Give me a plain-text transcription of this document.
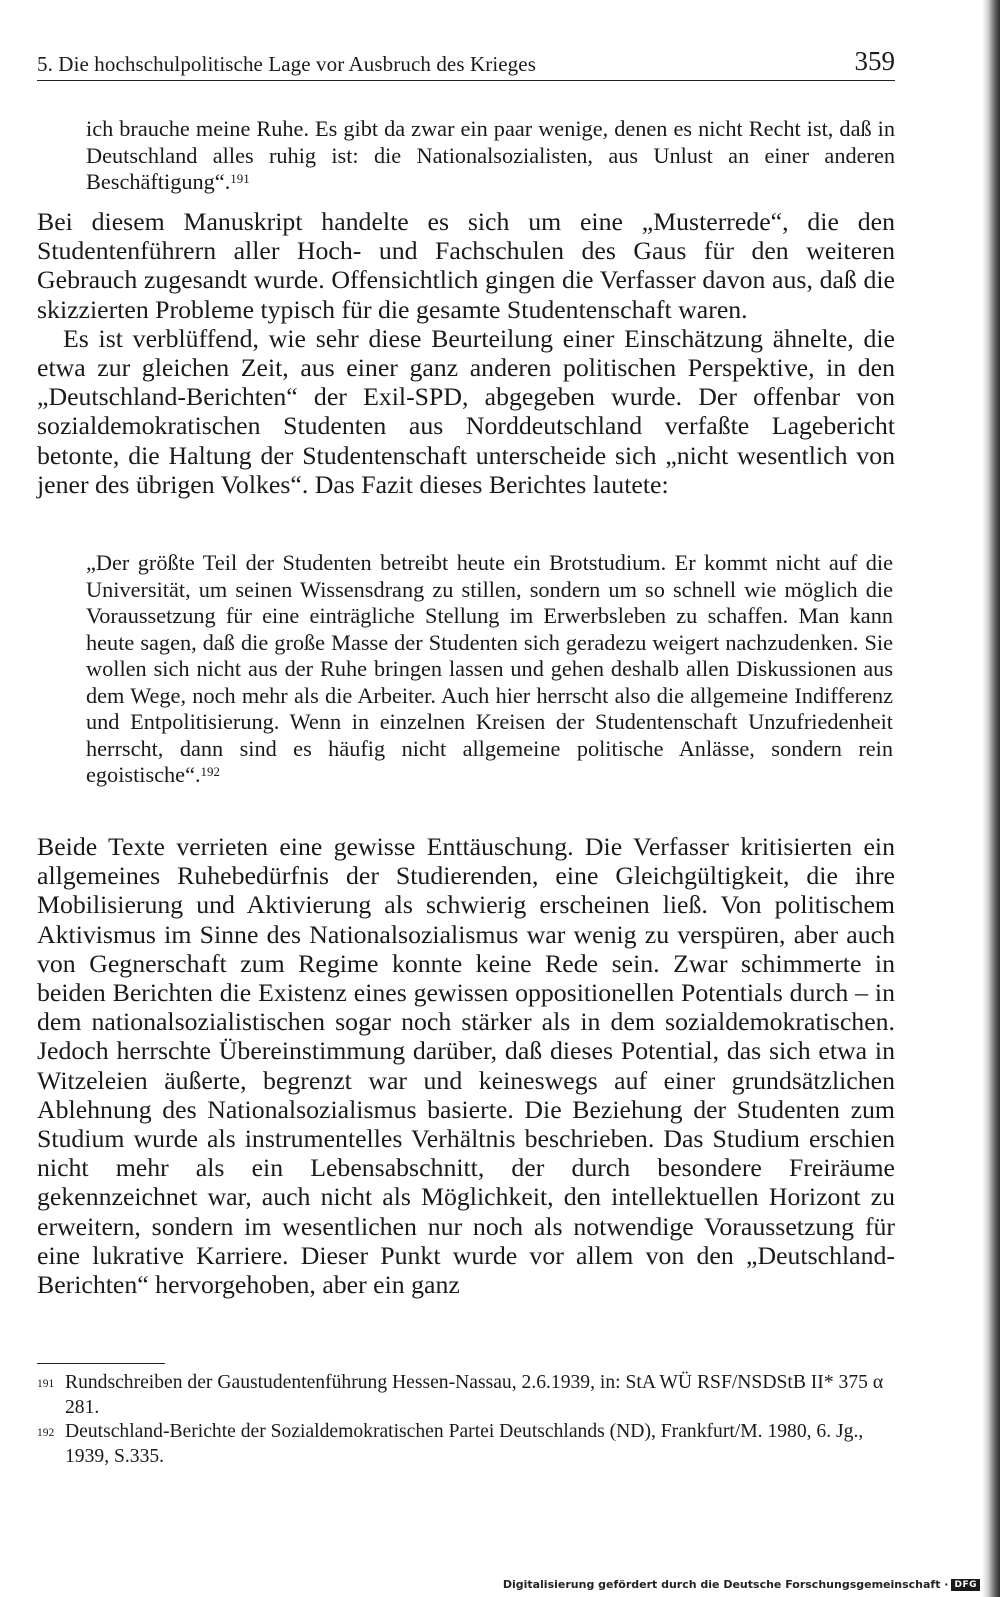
5. Die hochschulpolitische Lage vor Ausbruch des Krieges	359

ich brauche meine Ruhe. Es gibt da zwar ein paar wenige, denen es nicht Recht ist, daß in Deutschland alles ruhig ist: die Nationalsozialisten, aus Unlust an einer anderen Beschäftigung“.$^{191}$

Bei diesem Manuskript handelte es sich um eine „Musterrede“, die den Studentenführern aller Hoch- und Fachschulen des Gaus für den weiteren Gebrauch zugesandt wurde. Offensichtlich gingen die Verfasser davon aus, daß die skizzierten Probleme typisch für die gesamte Studentenschaft waren.

Es ist verblüffend, wie sehr diese Beurteilung einer Einschätzung ähnelte, die etwa zur gleichen Zeit, aus einer ganz anderen politischen Perspektive, in den „Deutschland-Berichten“ der Exil-SPD, abgegeben wurde. Der offenbar von sozialdemokratischen Studenten aus Norddeutschland verfaßte Lagebericht betonte, die Haltung der Studentenschaft unterscheide sich „nicht wesentlich von jener des übrigen Volkes“. Das Fazit dieses Berichtes lautete:

„Der größte Teil der Studenten betreibt heute ein Brotstudium. Er kommt nicht auf die Universität, um seinen Wissensdrang zu stillen, sondern um so schnell wie möglich die Voraussetzung für eine einträgliche Stellung im Erwerbsleben zu schaffen. Man kann heute sagen, daß die große Masse der Studenten sich geradezu weigert nachzudenken. Sie wollen sich nicht aus der Ruhe bringen lassen und gehen deshalb allen Diskussionen aus dem Wege, noch mehr als die Arbeiter. Auch hier herrscht also die allgemeine Indifferenz und Entpolitisierung. Wenn in einzelnen Kreisen der Studentenschaft Unzufriedenheit herrscht, dann sind es häufig nicht allgemeine politische Anlässe, sondern rein egoistische“.$^{192}$

Beide Texte verrieten eine gewisse Enttäuschung. Die Verfasser kritisierten ein allgemeines Ruhebedürfnis der Studierenden, eine Gleichgültigkeit, die ihre Mobilisierung und Aktivierung als schwierig erscheinen ließ. Von politischem Aktivismus im Sinne des Nationalsozialismus war wenig zu verspüren, aber auch von Gegnerschaft zum Regime konnte keine Rede sein. Zwar schimmerte in beiden Berichten die Existenz eines gewissen oppositionellen Potentials durch – in dem nationalsozialistischen sogar noch stärker als in dem sozialdemokratischen. Jedoch herrschte Übereinstimmung darüber, daß dieses Potential, das sich etwa in Witzeleien äußerte, begrenzt war und keineswegs auf einer grundsätzlichen Ablehnung des Nationalsozialismus basierte. Die Beziehung der Studenten zum Studium wurde als instrumentelles Verhältnis beschrieben. Das Studium erschien nicht mehr als ein Lebensabschnitt, der durch besondere Freiräume gekennzeichnet war, auch nicht als Möglichkeit, den intellektuellen Horizont zu erweitern, sondern im wesentlichen nur noch als notwendige Voraussetzung für eine lukrative Karriere. Dieser Punkt wurde vor allem von den „Deutschland-Berichten“ hervorgehoben, aber ein ganz

191 Rundschreiben der Gaustudentenführung Hessen-Nassau, 2.6.1939, in: StA WÜ RSF/NSDStB II* 375 α 281.
192 Deutschland-Berichte der Sozialdemokratischen Partei Deutschlands (ND), Frankfurt/M. 1980, 6. Jg., 1939, S.335.
Digitalisierung gefördert durch die Deutsche Forschungsgemeinschaft · DFG
